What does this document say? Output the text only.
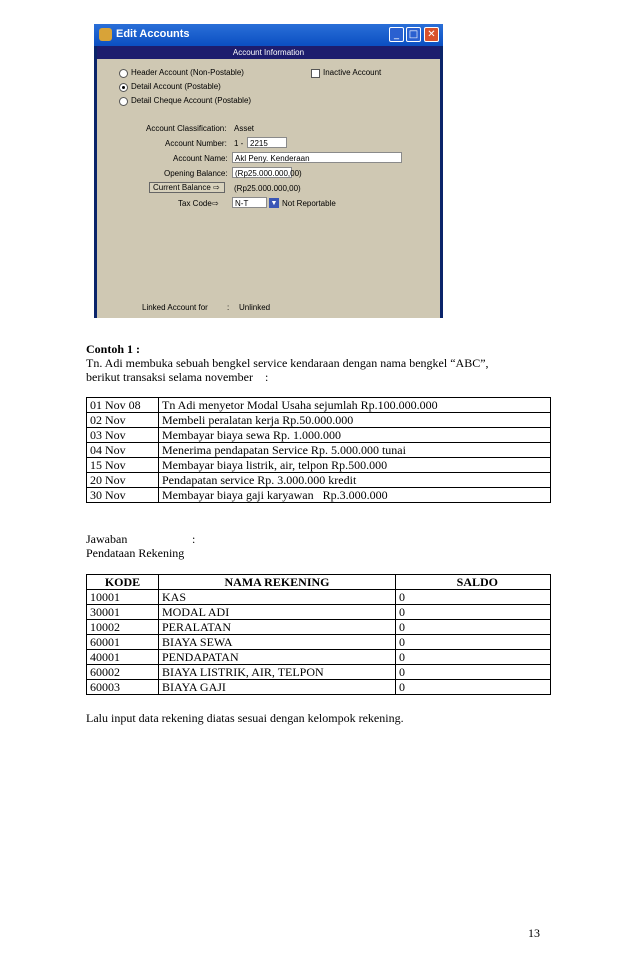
Edit Accounts	_ □ ✕
Account Information
Header Account (Non-Postable)
Detail Account (Postable)
Detail Cheque Account (Postable)
Inactive Account
Account Classification: Asset
Account Number: 1 - 2215
Account Name: Akl Peny. Kenderaan
Opening Balance: (Rp25.000.000,00)
Current Balance ⇨	(Rp25.000.000,00)
Tax Code ⇨	N-T	▼ Not Reportable
Linked Account for : Unlinked
Contoh 1 :
Tn. Adi membuka sebuah bengkel service kendaraan dengan nama bengkel “ABC”,
berikut transaksi selama november    :
01 Nov 08	Tn Adi menyetor Modal Usaha sejumlah Rp.100.000.000
02 Nov	Membeli peralatan kerja Rp.50.000.000
03 Nov	Membayar biaya sewa Rp. 1.000.000
04 Nov	Menerima pendapatan Service Rp. 5.000.000 tunai
15 Nov	Membayar biaya listrik, air, telpon Rp.500.000
20 Nov	Pendapatan service Rp. 3.000.000 kredit
30 Nov	Membayar biaya gaji karyawan   Rp.3.000.000
Jawaban	:
Pendataan Rekening
KODE	NAMA REKENING	SALDO
10001	KAS	0
30001	MODAL ADI	0
10002	PERALATAN	0
60001	BIAYA SEWA	0
40001	PENDAPATAN	0
60002	BIAYA LISTRIK, AIR, TELPON	0
60003	BIAYA GAJI	0
Lalu input data rekening diatas sesuai dengan kelompok rekening.
13
